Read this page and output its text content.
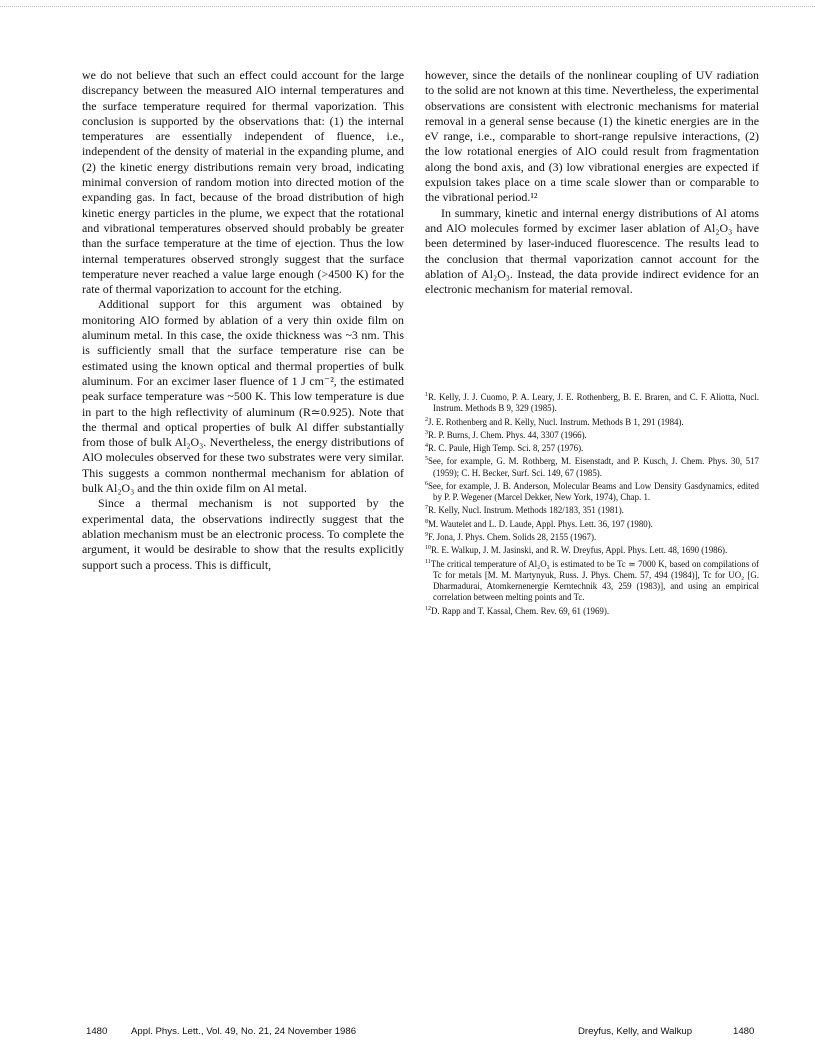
we do not believe that such an effect could account for the large discrepancy between the measured AlO internal temperatures and the surface temperature required for thermal vaporization. This conclusion is supported by the observations that: (1) the internal temperatures are essentially independent of fluence, i.e., independent of the density of material in the expanding plume, and (2) the kinetic energy distributions remain very broad, indicating minimal conversion of random motion into directed motion of the expanding gas. In fact, because of the broad distribution of high kinetic energy particles in the plume, we expect that the rotational and vibrational temperatures observed should probably be greater than the surface temperature at the time of ejection. Thus the low internal temperatures observed strongly suggest that the surface temperature never reached a value large enough (>4500 K) for the rate of thermal vaporization to account for the etching.

Additional support for this argument was obtained by monitoring AlO formed by ablation of a very thin oxide film on aluminum metal. In this case, the oxide thickness was ~3 nm. This is sufficiently small that the surface temperature rise can be estimated using the known optical and thermal properties of bulk aluminum. For an excimer laser fluence of 1 J cm⁻², the estimated peak surface temperature was ~500 K. This low temperature is due in part to the high reflectivity of aluminum (R≃0.925). Note that the thermal and optical properties of bulk Al differ substantially from those of bulk Al₂O₃. Nevertheless, the energy distributions of AlO molecules observed for these two substrates were very similar. This suggests a common nonthermal mechanism for ablation of bulk Al₂O₃ and the thin oxide film on Al metal.

Since a thermal mechanism is not supported by the experimental data, the observations indirectly suggest that the ablation mechanism must be an electronic process. To complete the argument, it would be desirable to show that the results explicitly support such a process. This is difficult,

however, since the details of the nonlinear coupling of UV radiation to the solid are not known at this time. Nevertheless, the experimental observations are consistent with electronic mechanisms for material removal in a general sense because (1) the kinetic energies are in the eV range, i.e., comparable to short-range repulsive interactions, (2) the low rotational energies of AlO could result from fragmentation along the bond axis, and (3) low vibrational energies are expected if expulsion takes place on a time scale slower than or comparable to the vibrational period.¹²

In summary, kinetic and internal energy distributions of Al atoms and AlO molecules formed by excimer laser ablation of Al₂O₃ have been determined by laser-induced fluorescence. The results lead to the conclusion that thermal vaporization cannot account for the ablation of Al₂O₃. Instead, the data provide indirect evidence for an electronic mechanism for material removal.

$^1$R. Kelly, J. J. Cuomo, P. A. Leary, J. E. Rothenberg, B. E. Braren, and C. F. Aliotta, Nucl. Instrum. Methods B 9, 329 (1985).
$^2$J. E. Rothenberg and R. Kelly, Nucl. Instrum. Methods B 1, 291 (1984).
$^3$R. P. Burns, J. Chem. Phys. 44, 3307 (1966).
$^4$R. C. Paule, High Temp. Sci. 8, 257 (1976).
$^5$See, for example, G. M. Rothberg, M. Eisenstadt, and P. Kusch, J. Chem. Phys. 30, 517 (1959); C. H. Becker, Surf. Sci. 149, 67 (1985).
$^6$See, for example, J. B. Anderson, Molecular Beams and Low Density Gasdynamics, edited by P. P. Wegener (Marcel Dekker, New York, 1974), Chap. 1.
$^7$R. Kelly, Nucl. Instrum. Methods 182/183, 351 (1981).
$^8$M. Wautelet and L. D. Laude, Appl. Phys. Lett. 36, 197 (1980).
$^9$F. Jona, J. Phys. Chem. Solids 28, 2155 (1967).
$^{10}$R. E. Walkup, J. M. Jasinski, and R. W. Dreyfus, Appl. Phys. Lett. 48, 1690 (1986).
$^{11}$The critical temperature of Al₂O₃ is estimated to be Tc ≃ 7000 K, based on compilations of Tc for metals [M. M. Martynyuk, Russ. J. Phys. Chem. 57, 494 (1984)], Tc for UO₂ [G. Dharmadurai, Atomkernenergie Kerntechnik 43, 259 (1983)], and using an empirical correlation between melting points and Tc.
$^{12}$D. Rapp and T. Kassal, Chem. Rev. 69, 61 (1969).
1480 Appl. Phys. Lett., Vol. 49, No. 21, 24 November 1986	Dreyfus, Kelly, and Walkup	1480
